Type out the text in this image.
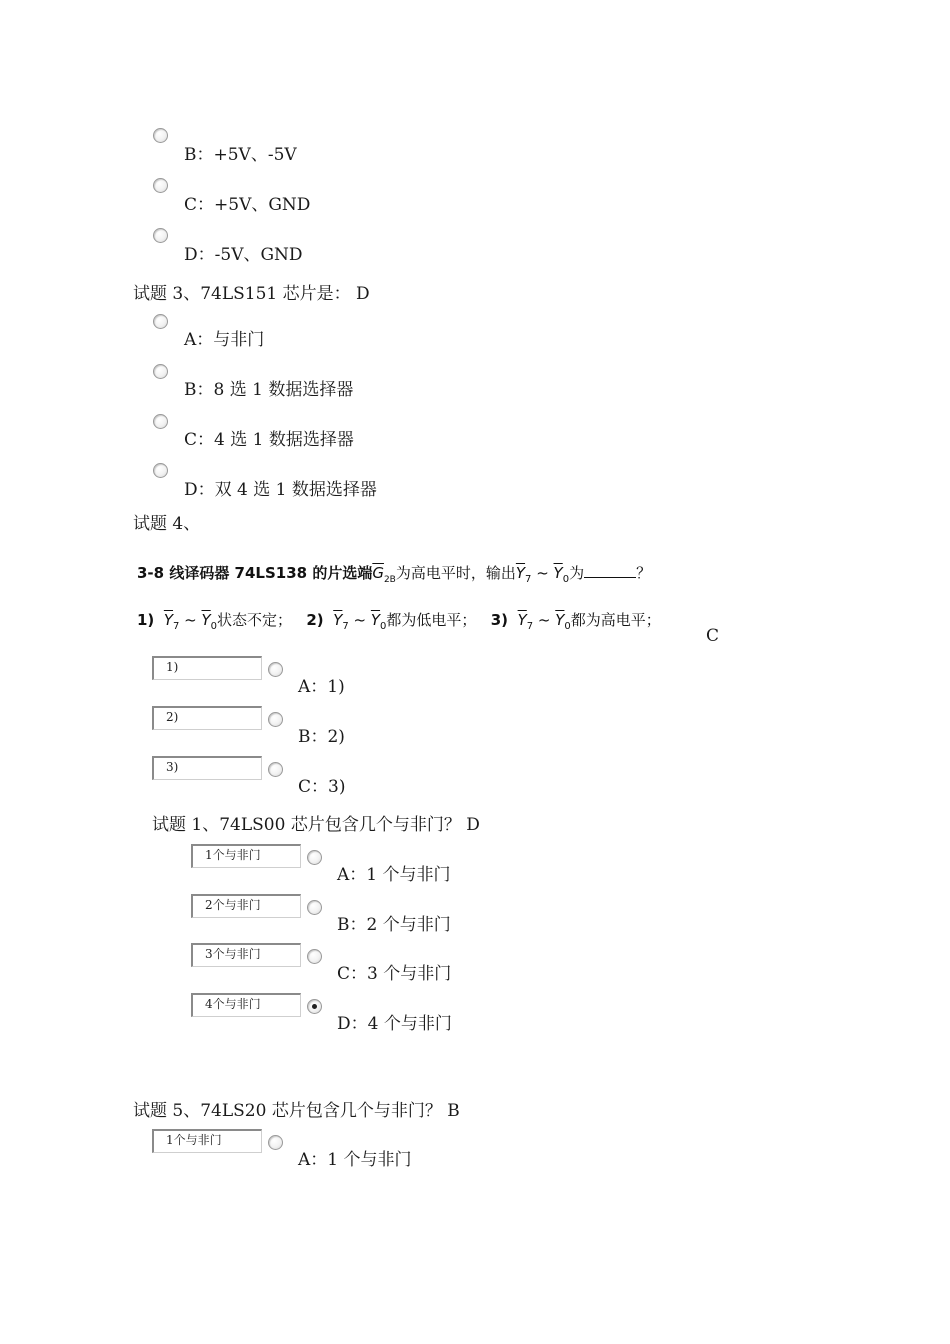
B：+5V、-5V
C：+5V、GND
D：-5V、GND
试题 3、74LS151 芯片是： D
A：与非门
B：8 选 1 数据选择器
C：4 选 1 数据选择器
D：双 4 选 1 数据选择器
试题 4、
3-8 线译码器 74LS138 的片选端$\overline{G}_{2B}$为高电平时，输出$\overline{Y}_7$ ~ $\overline{Y}_0$为	？
1) $\overline{Y}_7$ ~ $\overline{Y}_0$状态不定； 2) $\overline{Y}_7$ ~ $\overline{Y}_0$都为低电平； 3) $\overline{Y}_7$ ~ $\overline{Y}_0$都为高电平；
C
1)
A：1)
2)
B：2)
3)
C：3)
试题 1、74LS00 芯片包含几个与非门？ D
1个与非门
A：1 个与非门
2个与非门
B：2 个与非门
3个与非门
C：3 个与非门
4个与非门
D：4 个与非门
试题 5、74LS20 芯片包含几个与非门？ B
1个与非门
A：1 个与非门
